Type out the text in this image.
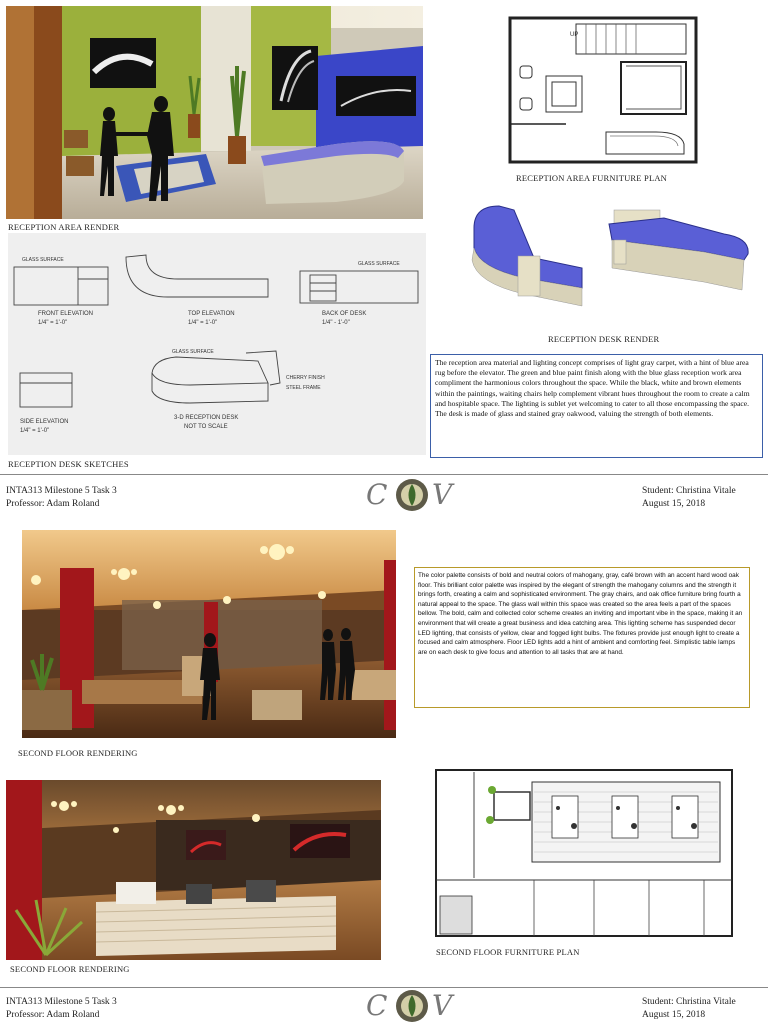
RECEPTION AREA RENDER
UP
RECEPTION AREA FURNITURE PLAN
RECEPTION DESK RENDER
GLASS SURFACE
FRONT ELEVATION
1/4" = 1'-0"
TOP ELEVATION
1/4" = 1'-0"
GLASS SURFACE
BACK OF DESK
1/4" - 1'-0"
GLASS SURFACE
CHERRY FINISH
STEEL FRAME
SIDE ELEVATION
1/4" = 1'-0"
3-D RECEPTION DESK
NOT TO SCALE
RECEPTION DESK SKETCHES
The reception area material and lighting concept comprises of light gray carpet, with a hint of blue area rug before the elevator. The green and blue paint finish along with the blue glass reception work area compliment the harmonious colors throughout the space. While the black, white and brown elements within the paintings, waiting chairs help complement vibrant hues throughout the room to create a calm and hospitable space. The lighting is sublet yet welcoming to cater to all those encompassing the space. The desk is made of glass and stained gray oakwood, valuing the strength of both elements.
INTA313 Milestone 5 Task 3
Professor: Adam Roland	C V	Student: Christina Vitale
August 15, 2018
SECOND FLOOR RENDERING
The color palette consists of bold and neutral colors of mahogany, gray, café brown with an accent hard wood oak floor. This brilliant color palette was inspired by the elegant of strength the mahogany columns and the strength it brings forth, creating a calm and sophisticated environment. The gray chairs, and oak office furniture bring fourth a natural appeal to the space. The glass wall within this space was created so the area feels a part of the spaces bellow. The bold, calm and collected color scheme creates an inviting and important vibe in the space, making it an environment that will create a great business and idea catching area. This lighting scheme has suspended decor LED lighting, that consists of yellow, clear and fogged light bulbs. The fixtures provide just enough light to create a focused and calm atmosphere. Floor LED lights add a hint of ambient and comforting feel. Simplistic table lamps are on each desk to give focus and attention to all tasks that are at hand.
SECOND FLOOR RENDERING
SECOND FLOOR FURNITURE PLAN
INTA313 Milestone 5 Task 3
Professor: Adam Roland	C V	Student: Christina Vitale
August 15, 2018
